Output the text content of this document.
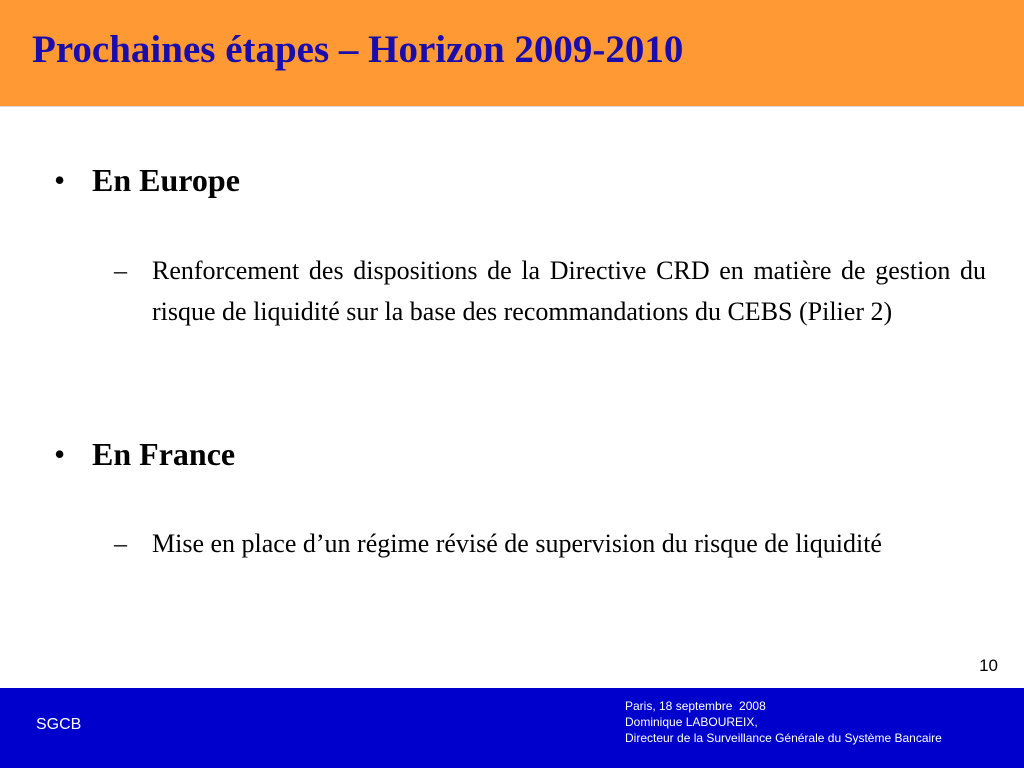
Prochaines étapes – Horizon 2009-2010
• En Europe
– Renforcement des dispositions de la Directive CRD en matière de gestion du risque de liquidité sur la base des recommandations du CEBS (Pilier 2)
• En France
– Mise en place d’un régime révisé de supervision du risque de liquidité
10
SGCB
Paris, 18 septembre  2008
Dominique LABOUREIX,
Directeur de la Surveillance Générale du Système Bancaire
